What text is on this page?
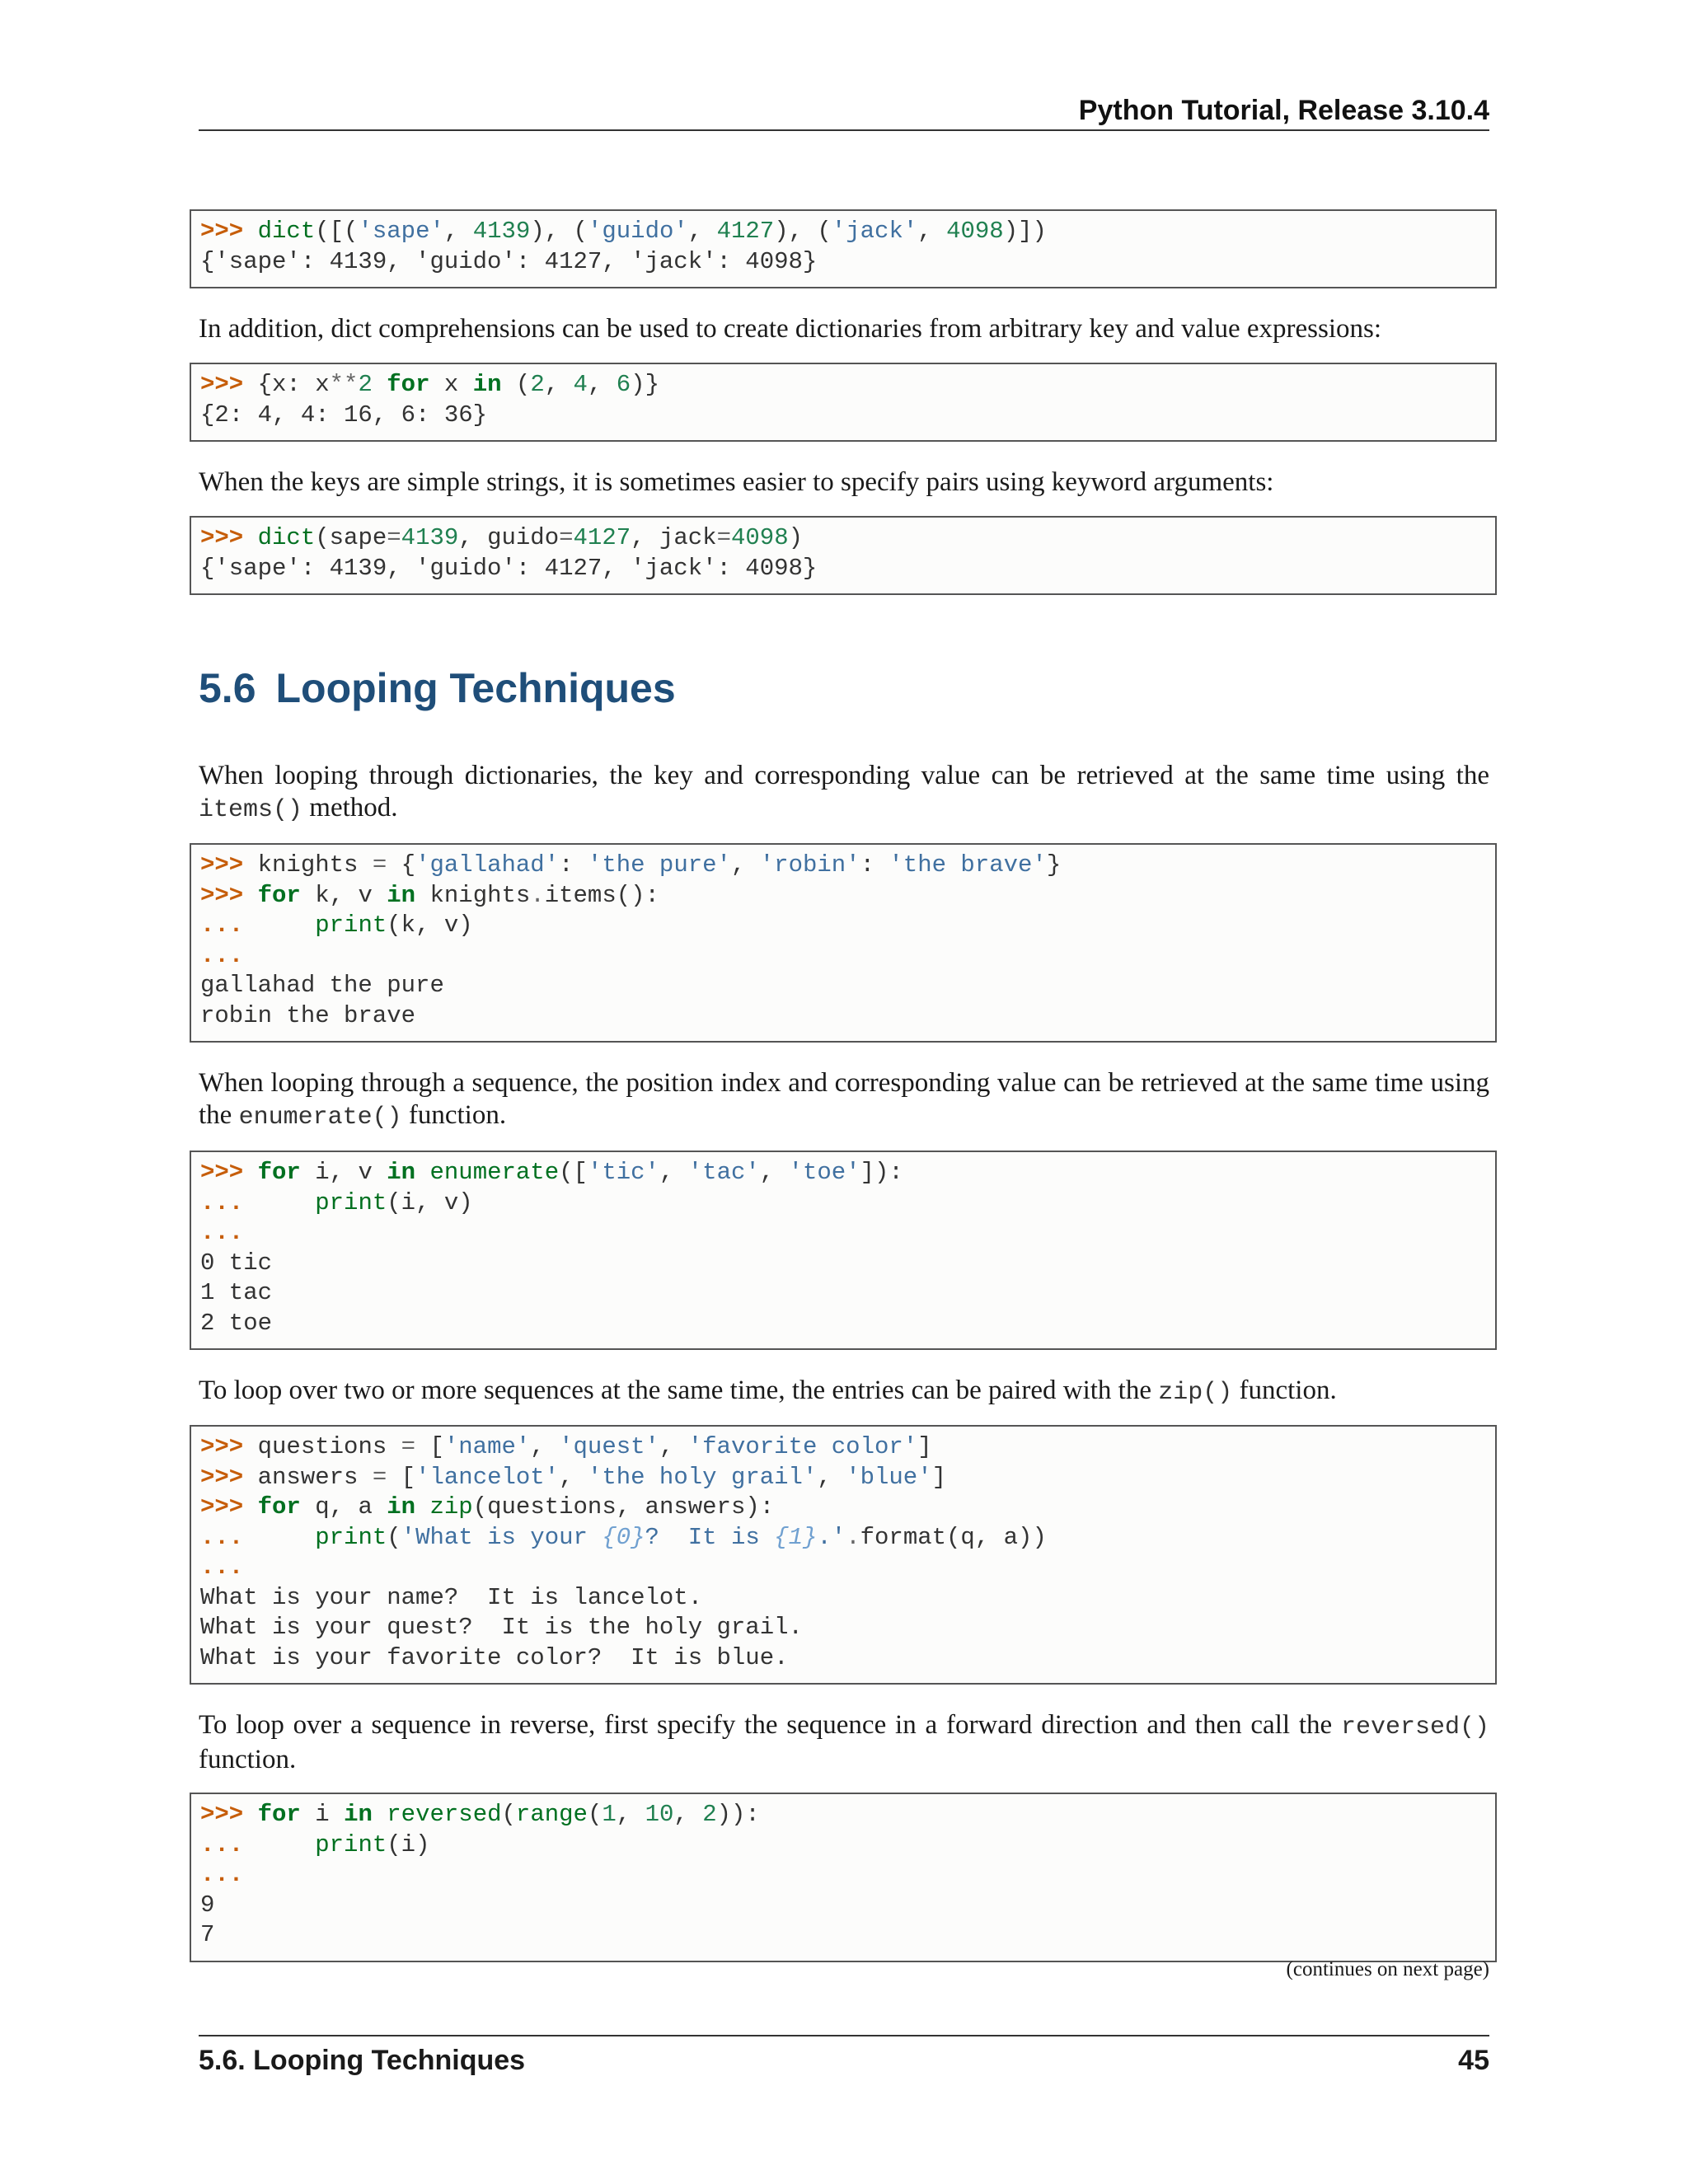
Python Tutorial, Release 3.10.4
>>> dict([('sape', 4139), ('guido', 4127), ('jack', 4098)])
{'sape': 4139, 'guido': 4127, 'jack': 4098}

In addition, dict comprehensions can be used to create dictionaries from arbitrary key and value expressions:

>>> {x: x**2 for x in (2, 4, 6)}
{2: 4, 4: 16, 6: 36}

When the keys are simple strings, it is sometimes easier to specify pairs using keyword arguments:

>>> dict(sape=4139, guido=4127, jack=4098)
{'sape': 4139, 'guido': 4127, 'jack': 4098}
5.6 Looping Techniques

When looping through dictionaries, the key and corresponding value can be retrieved at the same time using the items() method.

>>> knights = {'gallahad': 'the pure', 'robin': 'the brave'}
>>> for k, v in knights.items():
...     print(k, v)
...
gallahad the pure
robin the brave

When looping through a sequence, the position index and corresponding value can be retrieved at the same time using the enumerate() function.

>>> for i, v in enumerate(['tic', 'tac', 'toe']):
...     print(i, v)
...
0 tic
1 tac
2 toe

To loop over two or more sequences at the same time, the entries can be paired with the zip() function.

>>> questions = ['name', 'quest', 'favorite color']
>>> answers = ['lancelot', 'the holy grail', 'blue']
>>> for q, a in zip(questions, answers):
...     print('What is your {0}?  It is {1}.'.format(q, a))
...
What is your name?  It is lancelot.
What is your quest?  It is the holy grail.
What is your favorite color?  It is blue.

To loop over a sequence in reverse, first specify the sequence in a forward direction and then call the reversed() function.

>>> for i in reversed(range(1, 10, 2)):
...     print(i)
...
9
7
(continues on next page)
5.6. Looping Techniques	45
